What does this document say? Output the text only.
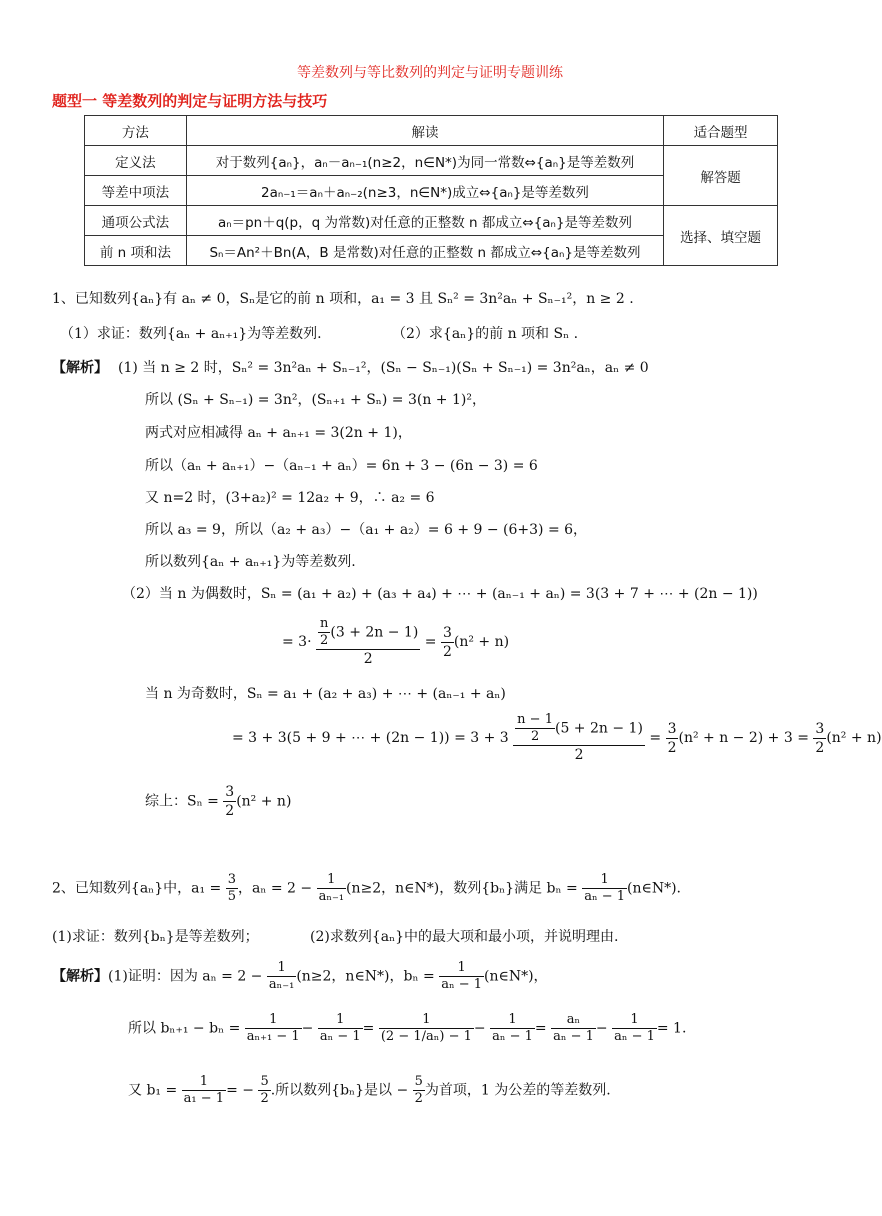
等差数列与等比数列的判定与证明专题训练
题型一 等差数列的判定与证明方法与技巧
方法	解读	适合题型
定义法	对于数列{aₙ}，aₙ－aₙ₋₁(n≥2，n∈N*)为同一常数⇔{aₙ}是等差数列	解答题
等差中项法	2aₙ₋₁＝aₙ＋aₙ₋₂(n≥3，n∈N*)成立⇔{aₙ}是等差数列	
通项公式法	aₙ＝pn＋q(p，q 为常数)对任意的正整数 n 都成立⇔{aₙ}是等差数列	选择、填空题
前 n 项和法	Sₙ＝An²＋Bn(A，B 是常数)对任意的正整数 n 都成立⇔{aₙ}是等差数列	
1、已知数列{aₙ}有 aₙ ≠ 0，Sₙ是它的前 n 项和，a₁ = 3 且 Sₙ² = 3n²aₙ + Sₙ₋₁²，n ≥ 2 .
（1）求证：数列{aₙ + aₙ₊₁}为等差数列.	（2）求{aₙ}的前 n 项和 Sₙ .
【解析】 (1) 当 n ≥ 2 时，Sₙ² = 3n²aₙ + Sₙ₋₁²，(Sₙ − Sₙ₋₁)(Sₙ + Sₙ₋₁) = 3n²aₙ，aₙ ≠ 0
所以 (Sₙ + Sₙ₋₁) = 3n²，(Sₙ₊₁ + Sₙ) = 3(n + 1)²，
两式对应相减得 aₙ + aₙ₊₁ = 3(2n + 1)，
所以（aₙ + aₙ₊₁）−（aₙ₋₁ + aₙ）= 6n + 3 − (6n − 3) = 6
又 n=2 时，(3+a₂)² = 12a₂ + 9，∴ a₂ = 6
所以 a₃ = 9，所以（a₂ + a₃）−（a₁ + a₂）= 6 + 9 − (6+3) = 6，
所以数列{aₙ + aₙ₊₁}为等差数列.
（2）当 n 为偶数时，Sₙ = (a₁ + a₂) + (a₃ + a₄) + ⋯ + (aₙ₋₁ + aₙ) = 3(3 + 7 + ⋯ + (2n − 1))
= $3\cdot \frac{\frac{n}{2} (3 + 2n - 1)}{2} = \frac{3}{2} (n^2 + n)$
当 n 为奇数时，Sₙ = a₁ + (a₂ + a₃) + ⋯ + (aₙ₋₁ + aₙ)
= 3 + 3(5 + 9 + ⋯ + $(2n - 1)) = 3 + 3 \frac{\frac{n - 1}{2} (5 + 2n - 1)}{2} = \frac{3}{2} (n^2 + n - 2) + 3 = \frac{3}{2} (n^2 + n)$
综上：$S_n = \frac{3}{2} (n^2 + n)$
2、已知数列{aₙ}中，$a_1 = \frac{3}{5}$ ，$a_n = 2 - \frac{1}{\text{aₙ₋₁}} (n\ge 2$，n∈N*)，数列{bₙ}满足 $b_n = \frac{1}{\text{aₙ − 1}}$ (n∈N*).
(1)求证：数列{bₙ}是等差数列；	(2)求数列{aₙ}中的最大项和最小项，并说明理由.
【解析】(1)证明：因为 $a_n = 2 - \frac{1}{\text{aₙ₋₁}} (n\ge 2$，n∈N*)，$b_n = \frac{1}{\text{aₙ − 1}}$ (n∈N*)，
所以 $b_{n+1} - b_n = \frac{1}{\text{aₙ₊₁ − 1}} - \frac{1}{\text{aₙ − 1}} = \frac{1}{\text{(2 − 1/aₙ) − 1}} - \frac{1}{\text{aₙ − 1}} = \frac{\text{aₙ}}{\text{aₙ − 1}} - \frac{1}{\text{aₙ − 1}} = 1$.
又 $b_1 = \frac{1}{\text{a₁ − 1}}$ = − $\frac{5}{2}$ .所以数列{bₙ}是以 − $\frac{5}{2}$ 为首项，1 为公差的等差数列.
